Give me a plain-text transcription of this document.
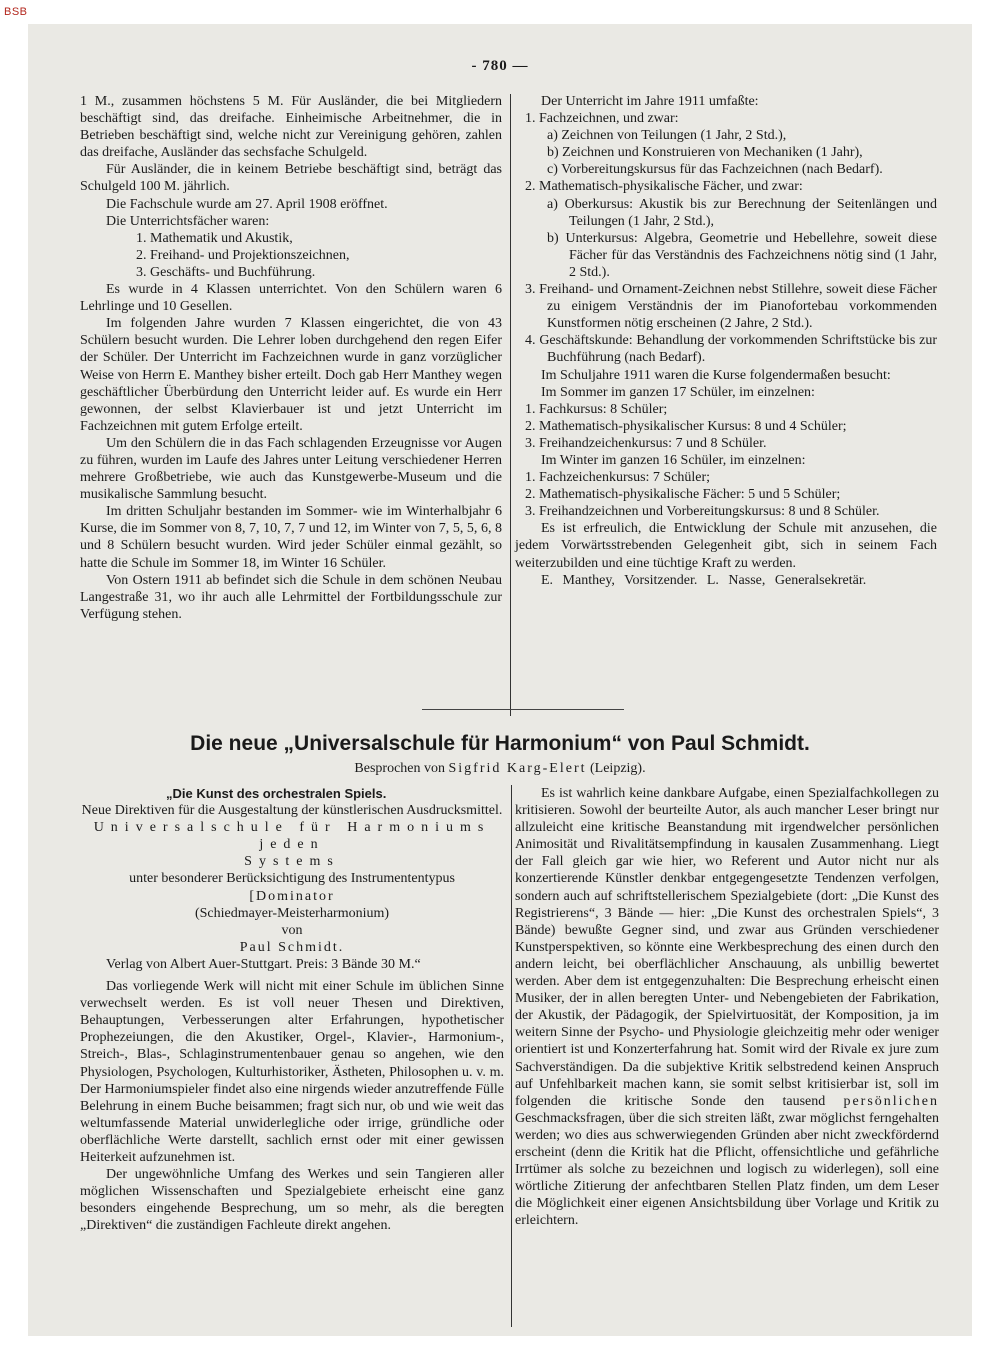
BSB
- 780 —

1 M., zusammen höchstens 5 M. Für Ausländer, die bei Mitgliedern beschäftigt sind, das dreifache. Einheimische Arbeitnehmer, die in Betrieben beschäftigt sind, welche nicht zur Vereinigung gehören, zahlen das dreifache, Ausländer das sechsfache Schulgeld.

Für Ausländer, die in keinem Betriebe beschäftigt sind, beträgt das Schulgeld 100 M. jährlich.

Die Fachschule wurde am 27. April 1908 eröffnet.

Die Unterrichtsfächer waren:

1. Mathematik und Akustik,

2. Freihand- und Projektionszeichnen,

3. Geschäfts- und Buchführung.

Es wurde in 4 Klassen unterrichtet. Von den Schülern waren 6 Lehrlinge und 10 Gesellen.

Im folgenden Jahre wurden 7 Klassen eingerichtet, die von 43 Schülern besucht wurden. Die Lehrer loben durchgehend den regen Eifer der Schüler. Der Unterricht im Fachzeichnen wurde in ganz vorzüglicher Weise von Herrn E. Manthey bisher erteilt. Doch gab Herr Manthey wegen geschäftlicher Überbürdung den Unterricht leider auf. Es wurde ein Herr gewonnen, der selbst Klavierbauer ist und jetzt Unterricht im Fachzeichnen mit gutem Erfolge erteilt.

Um den Schülern die in das Fach schlagenden Erzeugnisse vor Augen zu führen, wurden im Laufe des Jahres unter Leitung verschiedener Herren mehrere Großbetriebe, wie auch das Kunstgewerbe-Museum und die musikalische Sammlung besucht.

Im dritten Schuljahr bestanden im Sommer- wie im Winterhalbjahr 6 Kurse, die im Sommer von 8, 7, 10, 7, 7 und 12, im Winter von 7, 5, 5, 6, 8 und 8 Schülern besucht wurden. Wird jeder Schüler einmal gezählt, so hatte die Schule im Sommer 18, im Winter 16 Schüler.

Von Ostern 1911 ab befindet sich die Schule in dem schönen Neubau Langestraße 31, wo ihr auch alle Lehrmittel der Fortbildungsschule zur Verfügung stehen.

Der Unterricht im Jahre 1911 umfaßte:

1. Fachzeichnen, und zwar:

a) Zeichnen von Teilungen (1 Jahr, 2 Std.),

b) Zeichnen und Konstruieren von Mechaniken (1 Jahr),

c) Vorbereitungskursus für das Fachzeichnen (nach Bedarf).

2. Mathematisch-physikalische Fächer, und zwar:

a) Oberkursus: Akustik bis zur Berechnung der Seitenlängen und Teilungen (1 Jahr, 2 Std.),

b) Unterkursus: Algebra, Geometrie und Hebellehre, soweit diese Fächer für das Verständnis des Fachzeichnens nötig sind (1 Jahr, 2 Std.).

3. Freihand- und Ornament-Zeichnen nebst Stillehre, soweit diese Fächer zu einigem Verständnis der im Pianofortebau vorkommenden Kunstformen nötig erscheinen (2 Jahre, 2 Std.).

4. Geschäftskunde: Behandlung der vorkommenden Schriftstücke bis zur Buchführung (nach Bedarf).

Im Schuljahre 1911 waren die Kurse folgendermaßen besucht:

Im Sommer im ganzen 17 Schüler, im einzelnen:

1. Fachkursus: 8 Schüler;

2. Mathematisch-physikalischer Kursus: 8 und 4 Schüler;

3. Freihandzeichenkursus: 7 und 8 Schüler.

Im Winter im ganzen 16 Schüler, im einzelnen:

1. Fachzeichenkursus: 7 Schüler;

2. Mathematisch-physikalische Fächer: 5 und 5 Schüler;

3. Freihandzeichnen und Vorbereitungskursus: 8 und 8 Schüler.

Es ist erfreulich, die Entwicklung der Schule mit anzusehen, die jedem Vorwärtsstrebenden Gelegenheit gibt, sich in seinem Fach weiterzubilden und eine tüchtige Kraft zu werden.

E. Manthey, Vorsitzender. L. Nasse, Generalsekretär.

Die neue „Universalschule für Harmonium“ von Paul Schmidt.
Besprochen von Sigfrid Karg-Elert (Leipzig).

„Die Kunst des orchestralen Spiels.

Neue Direktiven für die Ausgestaltung der künstlerischen Ausdrucksmittel.

Universalschule für Harmoniums jeden

Systems

unter besonderer Berücksichtigung des Instrumententypus

[Dominator

(Schiedmayer-Meisterharmonium)

von

Paul Schmidt.

Verlag von Albert Auer-Stuttgart. Preis: 3 Bände 30 M.“

Das vorliegende Werk will nicht mit einer Schule im üblichen Sinne verwechselt werden. Es ist voll neuer Thesen und Direktiven, Behauptungen, Verbesserungen alter Erfahrungen, hypothetischer Prophezeiungen, die den Akustiker, Orgel-, Klavier-, Harmonium-, Streich-, Blas-, Schlaginstrumentenbauer genau so angehen, wie den Physiologen, Psychologen, Kulturhistoriker, Ästheten, Philosophen u. v. m. Der Harmoniumspieler findet also eine nirgends wieder anzutreffende Fülle Belehrung in einem Buche beisammen; fragt sich nur, ob und wie weit das weltumfassende Material unwiderlegliche oder irrige, gründliche oder oberflächliche Werte darstellt, sachlich ernst oder mit einer gewissen Heiterkeit aufzunehmen ist.

Der ungewöhnliche Umfang des Werkes und sein Tangieren aller möglichen Wissenschaften und Spezialgebiete erheischt eine ganz besonders eingehende Besprechung, um so mehr, als die beregten „Direktiven“ die zuständigen Fachleute direkt angehen.

Es ist wahrlich keine dankbare Aufgabe, einen Spezialfachkollegen zu kritisieren. Sowohl der beurteilte Autor, als auch mancher Leser bringt nur allzuleicht eine kritische Beanstandung mit irgendwelcher persönlichen Animosität und Rivalitätsempfindung in kausalen Zusammenhang. Liegt der Fall gleich gar wie hier, wo Referent und Autor nicht nur als konzertierende Künstler denkbar entgegengesetzte Tendenzen verfolgen, sondern auch auf schriftstellerischem Spezialgebiete (dort: „Die Kunst des Registrierens“, 3 Bände — hier: „Die Kunst des orchestralen Spiels“, 3 Bände) bewußte Gegner sind, und zwar aus Gründen verschiedener Kunstperspektiven, so könnte eine Werkbesprechung des einen durch den andern leicht, bei oberflächlicher Anschauung, als unbillig bewertet werden. Aber dem ist entgegenzuhalten: Die Besprechung erheischt einen Musiker, der in allen beregten Unter- und Nebengebieten der Fabrikation, der Akustik, der Pädagogik, der Spielvirtuosität, der Komposition, ja im weitern Sinne der Psycho- und Physiologie gleichzeitig mehr oder weniger orientiert ist und Konzerterfahrung hat. Somit wird der Rivale ex jure zum Sachverständigen. Da die subjektive Kritik selbstredend keinen Anspruch auf Unfehlbarkeit machen kann, sie somit selbst kritisierbar ist, soll im folgenden die kritische Sonde den tausend persönlichen Geschmacksfragen, über die sich streiten läßt, zwar möglichst ferngehalten werden; wo dies aus schwerwiegenden Gründen aber nicht zweckfördernd erscheint (denn die Kritik hat die Pflicht, offensichtliche und gefährliche Irrtümer als solche zu bezeichnen und logisch zu widerlegen), soll eine wörtliche Zitierung der anfechtbaren Stellen Platz finden, um dem Leser die Möglichkeit einer eigenen Ansichtsbildung über Vorlage und Kritik zu erleichtern.
